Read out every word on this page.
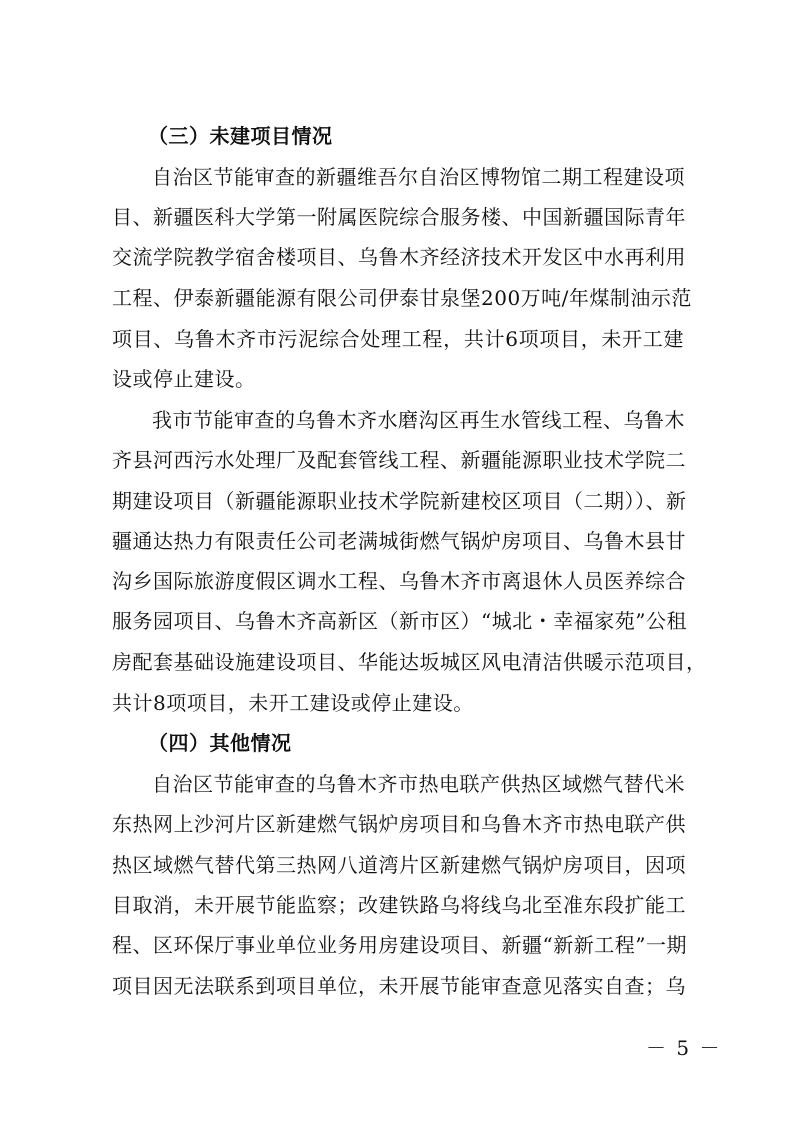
（三）未建项目情况
自治区节能审查的新疆维吾尔自治区博物馆二期工程建设项
目、新疆医科大学第一附属医院综合服务楼、中国新疆国际青年
交流学院教学宿舍楼项目、乌鲁木齐经济技术开发区中水再利用
工程、伊泰新疆能源有限公司伊泰甘泉堡200万吨/年煤制油示范
项目、乌鲁木齐市污泥综合处理工程，共计6项项目，未开工建
设或停止建设。
我市节能审查的乌鲁木齐水磨沟区再生水管线工程、乌鲁木
齐县河西污水处理厂及配套管线工程、新疆能源职业技术学院二
期建设项目（新疆能源职业技术学院新建校区项目（二期））、新
疆通达热力有限责任公司老满城街燃气锅炉房项目、乌鲁木县甘
沟乡国际旅游度假区调水工程、乌鲁木齐市离退休人员医养综合
服务园项目、乌鲁木齐高新区（新市区）“城北・幸福家苑”公租
房配套基础设施建设项目、华能达坂城区风电清洁供暖示范项目，
共计8项项目，未开工建设或停止建设。
（四）其他情况
自治区节能审查的乌鲁木齐市热电联产供热区域燃气替代米
东热网上沙河片区新建燃气锅炉房项目和乌鲁木齐市热电联产供
热区域燃气替代第三热网八道湾片区新建燃气锅炉房项目，因项
目取消，未开展节能监察；改建铁路乌将线乌北至准东段扩能工
程、区环保厅事业单位业务用房建设项目、新疆“新新工程”一期
项目因无法联系到项目单位，未开展节能审查意见落实自查；乌
－ 5 －
